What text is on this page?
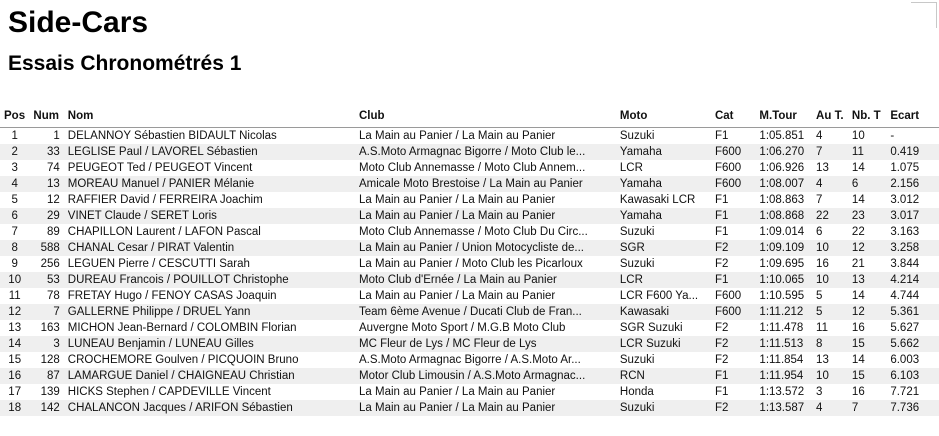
Side-Cars
Essais Chronométrés 1
Pos	Num	Nom	Club	Moto	Cat	M.Tour	Au T.	Nb. T	Ecart

1	1	DELANNOY Sébastien BIDAULT Nicolas	La Main au Panier / La Main au Panier	Suzuki	F1	1:05.851	4	10	-

2	33	LEGLISE Paul / LAVOREL Sébastien	A.S.Moto Armagnac Bigorre / Moto Club le...	Yamaha	F600	1:06.270	7	11	0.419

3	74	PEUGEOT Ted / PEUGEOT Vincent	Moto Club Annemasse / Moto Club Annem...	LCR	F600	1:06.926	13	14	1.075

4	13	MOREAU Manuel / PANIER Mélanie	Amicale Moto Brestoise / La Main au Panier	Yamaha	F600	1:08.007	4	6	2.156

5	12	RAFFIER David / FERREIRA Joachim	La Main au Panier / La Main au Panier	Kawasaki LCR	F1	1:08.863	7	14	3.012

6	29	VINET Claude / SERET Loris	La Main au Panier / La Main au Panier	Yamaha	F1	1:08.868	22	23	3.017

7	89	CHAPILLON Laurent / LAFON Pascal	Moto Club Annemasse / Moto Club Du Circ...	Suzuki	F1	1:09.014	6	22	3.163

8	588	CHANAL Cesar / PIRAT Valentin	La Main au Panier / Union Motocycliste de...	SGR	F2	1:09.109	10	12	3.258

9	256	LEGUEN Pierre / CESCUTTI Sarah	La Main au Panier / Moto Club les Picarloux	Suzuki	F2	1:09.695	16	21	3.844

10	53	DUREAU Francois / POUILLOT Christophe	Moto Club d'Ernée / La Main au Panier	LCR	F1	1:10.065	10	13	4.214

11	78	FRETAY Hugo / FENOY CASAS Joaquin	La Main au Panier / La Main au Panier	LCR F600 Ya...	F600	1:10.595	5	14	4.744

12	7	GALLERNE Philippe / DRUEL Yann	Team 6ème Avenue / Ducati Club de Fran...	Kawasaki	F600	1:11.212	5	12	5.361

13	163	MICHON Jean-Bernard / COLOMBIN Florian	Auvergne Moto Sport / M.G.B Moto Club	SGR Suzuki	F2	1:11.478	11	16	5.627

14	3	LUNEAU Benjamin / LUNEAU Gilles	MC Fleur de Lys / MC Fleur de Lys	LCR Suzuki	F2	1:11.513	8	15	5.662

15	128	CROCHEMORE Goulven / PICQUOIN Bruno	A.S.Moto Armagnac Bigorre / A.S.Moto Ar...	Suzuki	F2	1:11.854	13	14	6.003

16	87	LAMARGUE Daniel / CHAIGNEAU Christian	Motor Club Limousin / A.S.Moto Armagnac...	RCN	F1	1:11.954	10	15	6.103

17	139	HICKS Stephen / CAPDEVILLE Vincent	La Main au Panier / La Main au Panier	Honda	F1	1:13.572	3	16	7.721

18	142	CHALANCON Jacques / ARIFON Sébastien	La Main au Panier / La Main au Panier	Suzuki	F2	1:13.587	4	7	7.736
